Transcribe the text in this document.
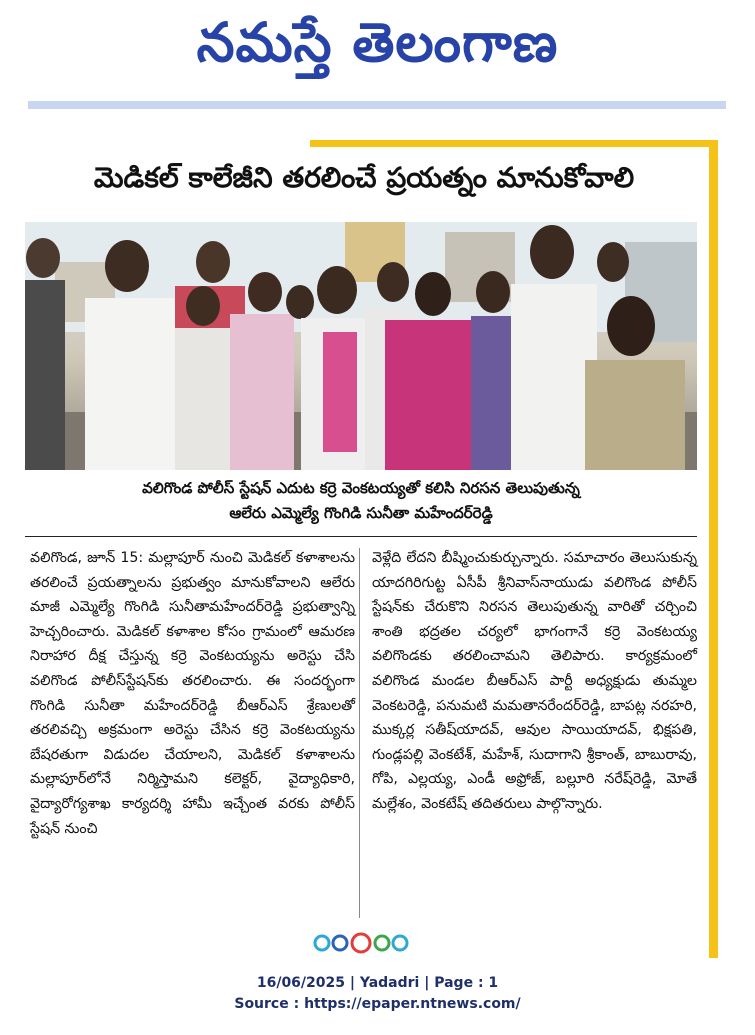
నమస్తే తెలంగాణ
మెడికల్ కాలేజీని తరలించే ప్రయత్నం మానుకోవాలి
వలిగొండ పోలీస్ స్టేషన్ ఎదుట కర్రె వెంకటయ్యతో కలిసి నిరసన తెలుపుతున్న
ఆలేరు ఎమ్మెల్యే గొంగిడి సునీతా మహేందర్‌రెడ్డి
వలిగొండ, జూన్ 15: మల్లాపూర్ నుంచి మెడికల్ కళాశాలను తరలించే ప్రయత్నాలను ప్రభుత్వం మానుకోవాలని ఆలేరు మాజీ ఎమ్మెల్యే గొంగిడి సునీతామహేందర్‌రెడ్డి ప్రభుత్వాన్ని హెచ్చరించారు. మెడికల్ కళాశాల కోసం గ్రామంలో ఆమరణ నిరాహార దీక్ష చేస్తున్న కర్రె వెంకటయ్యను అరెస్టు చేసి వలిగొండ పోలీస్‌స్టేషన్‌కు తరలించారు. ఈ సందర్భంగా గొంగిడి సునీతా మహేందర్‌రెడ్డి బీఆర్‌ఎస్ శ్రేణులతో తరలివచ్చి అక్రమంగా అరెస్టు చేసిన కర్రె వెంకటయ్యను బేషరతుగా విడుదల చేయాలని, మెడికల్ కళాశాలను మల్లాపూర్‌లోనే నిర్మిస్తామని కలెక్టర్, వైద్యాధికారి, వైద్యారోగ్యశాఖ కార్యదర్శి హామీ ఇచ్చేంత వరకు పోలీస్ స్టేషన్ నుంచి
వెళ్లేది లేదని బీష్మించుకుర్చున్నారు. సమాచారం తెలుసుకున్న యాదగిరిగుట్ట ఏసీపీ శ్రీనివాస్‌నాయుడు వలిగొండ పోలీస్ స్టేషన్‌కు చేరుకొని నిరసన తెలుపుతున్న వారితో చర్చించి శాంతి భద్రతల చర్యలో భాగంగానే కర్రె వెంకటయ్య వలిగొండకు తరలించామని తెలిపారు. కార్యక్రమంలో వలిగొండ మండల బీఆర్‌ఎస్ పార్టీ అధ్యక్షుడు తుమ్మల వెంకటరెడ్డి, పనుమటి మమతానరేందర్‌రెడ్డి, బాపట్ల నరహరి, ముక్కర్ల సతీష్‌యాదవ్, ఆవుల సాయియాదవ్, భిక్షపతి, గుండ్లపల్లి వెంకటేశ్, మహేశ్, సుదాగాని శ్రీకాంత్, బాబురావు, గోపి, ఎల్లయ్య, ఎండీ అఫ్రోజ్, బల్లూరి నరేష్‌రెడ్డి, మోతే మల్లేశం, వెంకటేష్ తదితరులు పాల్గొన్నారు.
16/06/2025 | Yadadri | Page : 1
Source : https://epaper.ntnews.com/
